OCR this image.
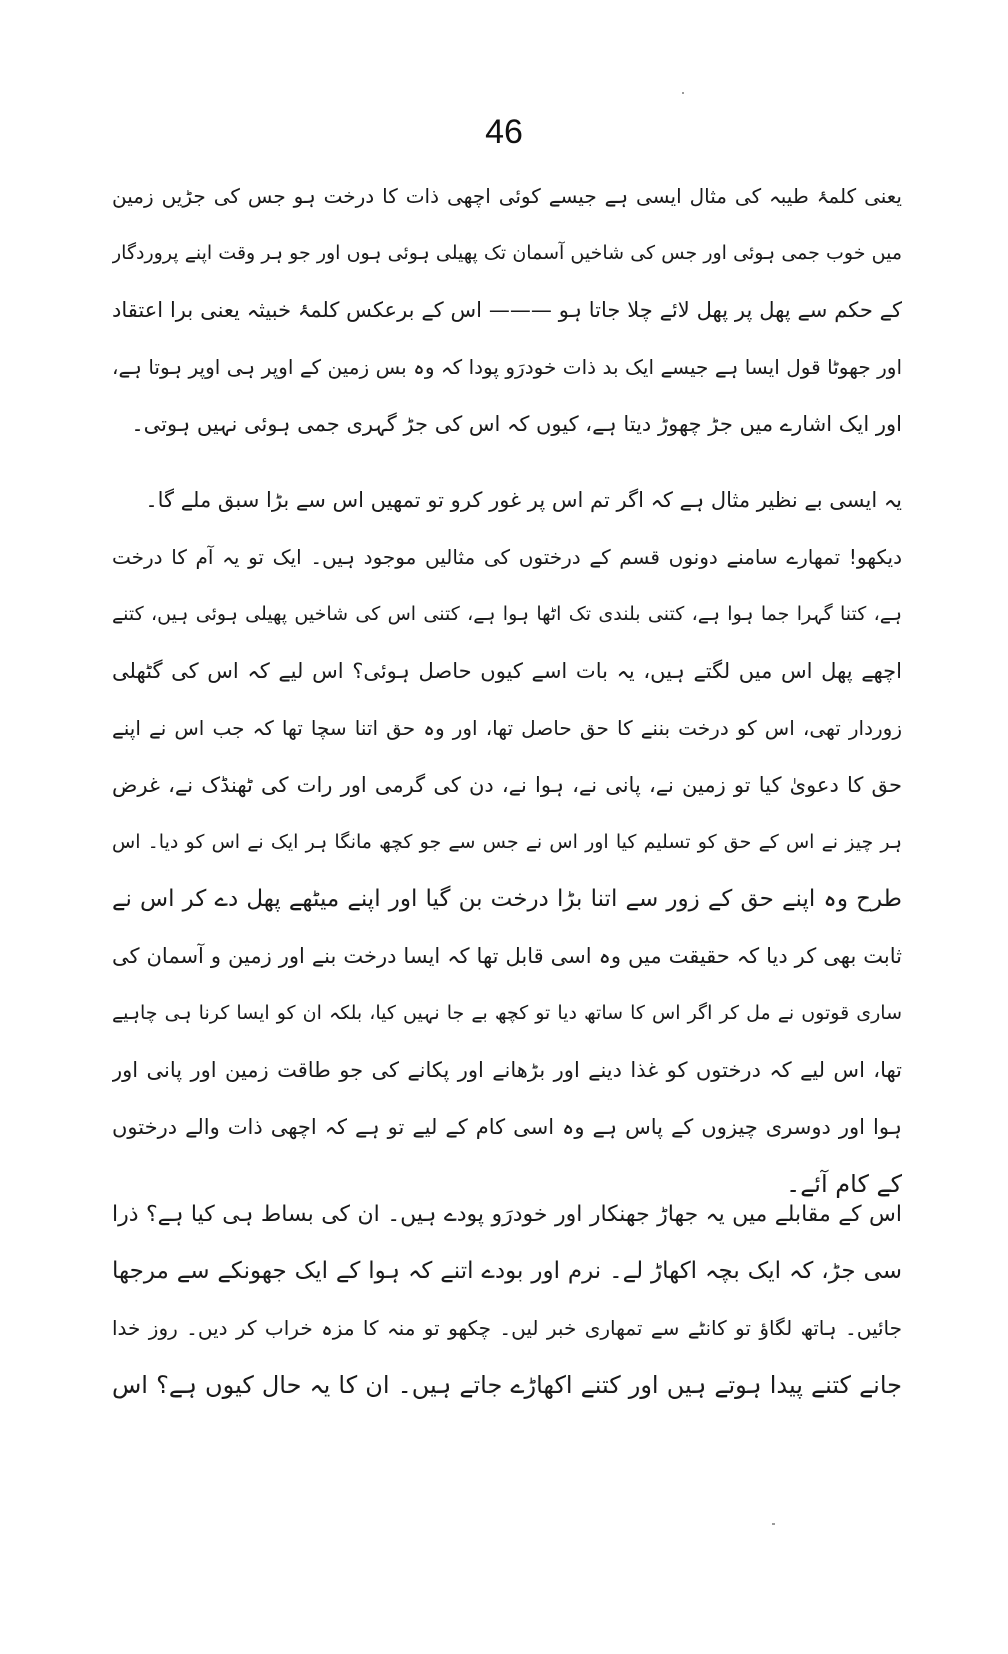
46
یعنی کلمۂ طیبہ کی مثال ایسی ہے جیسے کوئی اچھی ذات کا درخت ہو جس کی جڑیں زمین
میں خوب جمی ہوئی اور جس کی شاخیں آسمان تک پھیلی ہوئی ہوں اور جو ہر وقت اپنے پروردگار
کے حکم سے پھل پر پھل لائے چلا جاتا ہو ——— اس کے برعکس کلمۂ خبیثہ یعنی برا اعتقاد
اور جھوٹا قول ایسا ہے جیسے ایک بد ذات خودرَو پودا کہ وہ بس زمین کے اوپر ہی اوپر ہوتا ہے،
اور ایک اشارے میں جڑ چھوڑ دیتا ہے، کیوں کہ اس کی جڑ گہری جمی ہوئی نہیں ہوتی۔
یہ ایسی بے نظیر مثال ہے کہ اگر تم اس پر غور کرو تو تمھیں اس سے بڑا سبق ملے گا۔
دیکھو! تمھارے سامنے دونوں قسم کے درختوں کی مثالیں موجود ہیں۔ ایک تو یہ آم کا درخت
ہے، کتنا گہرا جما ہوا ہے، کتنی بلندی تک اٹھا ہوا ہے، کتنی اس کی شاخیں پھیلی ہوئی ہیں، کتنے
اچھے پھل اس میں لگتے ہیں، یہ بات اسے کیوں حاصل ہوئی؟ اس لیے کہ اس کی گٹھلی
زوردار تھی، اس کو درخت بننے کا حق حاصل تھا، اور وہ حق اتنا سچا تھا کہ جب اس نے اپنے
حق کا دعویٰ کیا تو زمین نے، پانی نے، ہوا نے، دن کی گرمی اور رات کی ٹھنڈک نے، غرض
ہر چیز نے اس کے حق کو تسلیم کیا اور اس نے جس سے جو کچھ مانگا ہر ایک نے اس کو دیا۔ اس
طرح وہ اپنے حق کے زور سے اتنا بڑا درخت بن گیا اور اپنے میٹھے پھل دے کر اس نے
ثابت بھی کر دیا کہ حقیقت میں وہ اسی قابل تھا کہ ایسا درخت بنے اور زمین و آسمان کی
ساری قوتوں نے مل کر اگر اس کا ساتھ دیا تو کچھ بے جا نہیں کیا، بلکہ ان کو ایسا کرنا ہی چاہیے
تھا، اس لیے کہ درختوں کو غذا دینے اور بڑھانے اور پکانے کی جو طاقت زمین اور پانی اور
ہوا اور دوسری چیزوں کے پاس ہے وہ اسی کام کے لیے تو ہے کہ اچھی ذات والے درختوں
کے کام آئے۔
اس کے مقابلے میں یہ جھاڑ جھنکار اور خودرَو پودے ہیں۔ ان کی بساط ہی کیا ہے؟ ذرا
سی جڑ، کہ ایک بچہ اکھاڑ لے۔ نرم اور بودے اتنے کہ ہوا کے ایک جھونکے سے مرجھا
جائیں۔ ہاتھ لگاؤ تو کانٹے سے تمھاری خبر لیں۔ چکھو تو منہ کا مزہ خراب کر دیں۔ روز خدا
جانے کتنے پیدا ہوتے ہیں اور کتنے اکھاڑے جاتے ہیں۔ ان کا یہ حال کیوں ہے؟ اس
